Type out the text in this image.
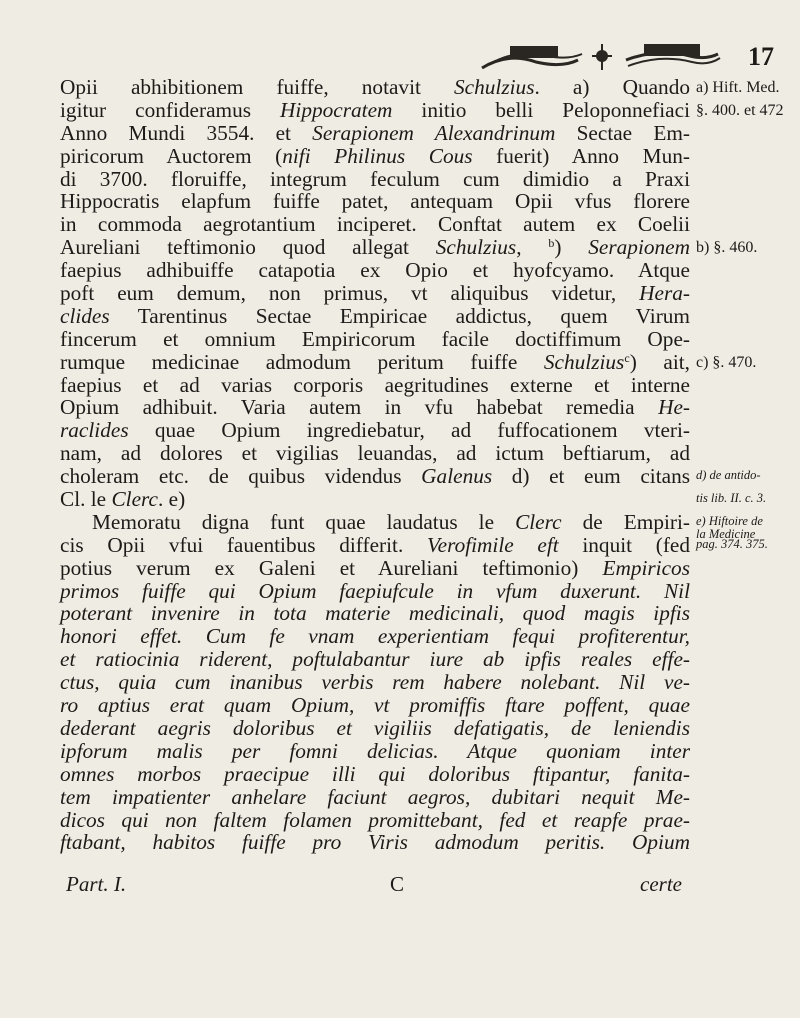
17
Opii abhibitionem fuiffe, notavit Schulzius. a) Quando
igitur confideramus Hippocratem initio belli Peloponnefiaci
Anno Mundi 3554. et Serapionem Alexandrinum Sectae Em-
piricorum Auctorem (nifi Philinus Cous fuerit) Anno Mun-
di 3700. floruiffe, integrum feculum cum dimidio a Praxi
Hippocratis elapfum fuiffe patet, antequam Opii vfus florere
in commoda aegrotantium inciperet. Conftat autem ex Coelii
Aureliani teftimonio quod allegat Schulzius, $^b$) Serapionem
faepius adhibuiffe catapotia ex Opio et hyofcyamo. Atque
poft eum demum, non primus, vt aliquibus videtur, Hera-
clides Tarentinus Sectae Empiricae addictus, quem Virum
fincerum et omnium Empiricorum facile doctiffimum Ope-
rumque medicinae admodum peritum fuiffe Schulzius$^c$) ait,
faepius et ad varias corporis aegritudines externe et interne
Opium adhibuit. Varia autem in vfu habebat remedia He-
raclides quae Opium ingrediebatur, ad fuffocationem vteri-
nam, ad dolores et vigilias leuandas, ad ictum beftiarum, ad
choleram etc. de quibus videndus Galenus d) et eum citans
Cl. le Clerc. e)
Memoratu digna funt quae laudatus le Clerc de Empiri-
cis Opii vfui fauentibus differit. Verofimile eft inquit (fed
potius verum ex Galeni et Aureliani teftimonio) Empiricos
primos fuiffe qui Opium faepiufcule in vfum duxerunt. Nil
poterant invenire in tota materie medicinali, quod magis ipfis
honori effet. Cum fe vnam experientiam fequi profiterentur,
et ratiocinia riderent, poftulabantur iure ab ipfis reales effe-
ctus, quia cum inanibus verbis rem habere nolebant. Nil ve-
ro aptius erat quam Opium, vt promiffis ftare poffent, quae
dederant aegris doloribus et vigiliis defatigatis, de leniendis
ipforum malis per fomni delicias. Atque quoniam inter
omnes morbos praecipue illi qui doloribus ftipantur, fanita-
tem impatienter anhelare faciunt aegros, dubitari nequit Me-
dicos qui non faltem folamen promittebant, fed et reapfe prae-
ftabant, habitos fuiffe pro Viris admodum peritis. Opium
a) Hift. Med.
§. 400. et 472
b) §. 460.
c) §. 470.
d) de antido-
tis lib. II. c. 3.
e) Hiftoire de
la Medicine
pag. 374. 375.
Part. I.	C	certe
